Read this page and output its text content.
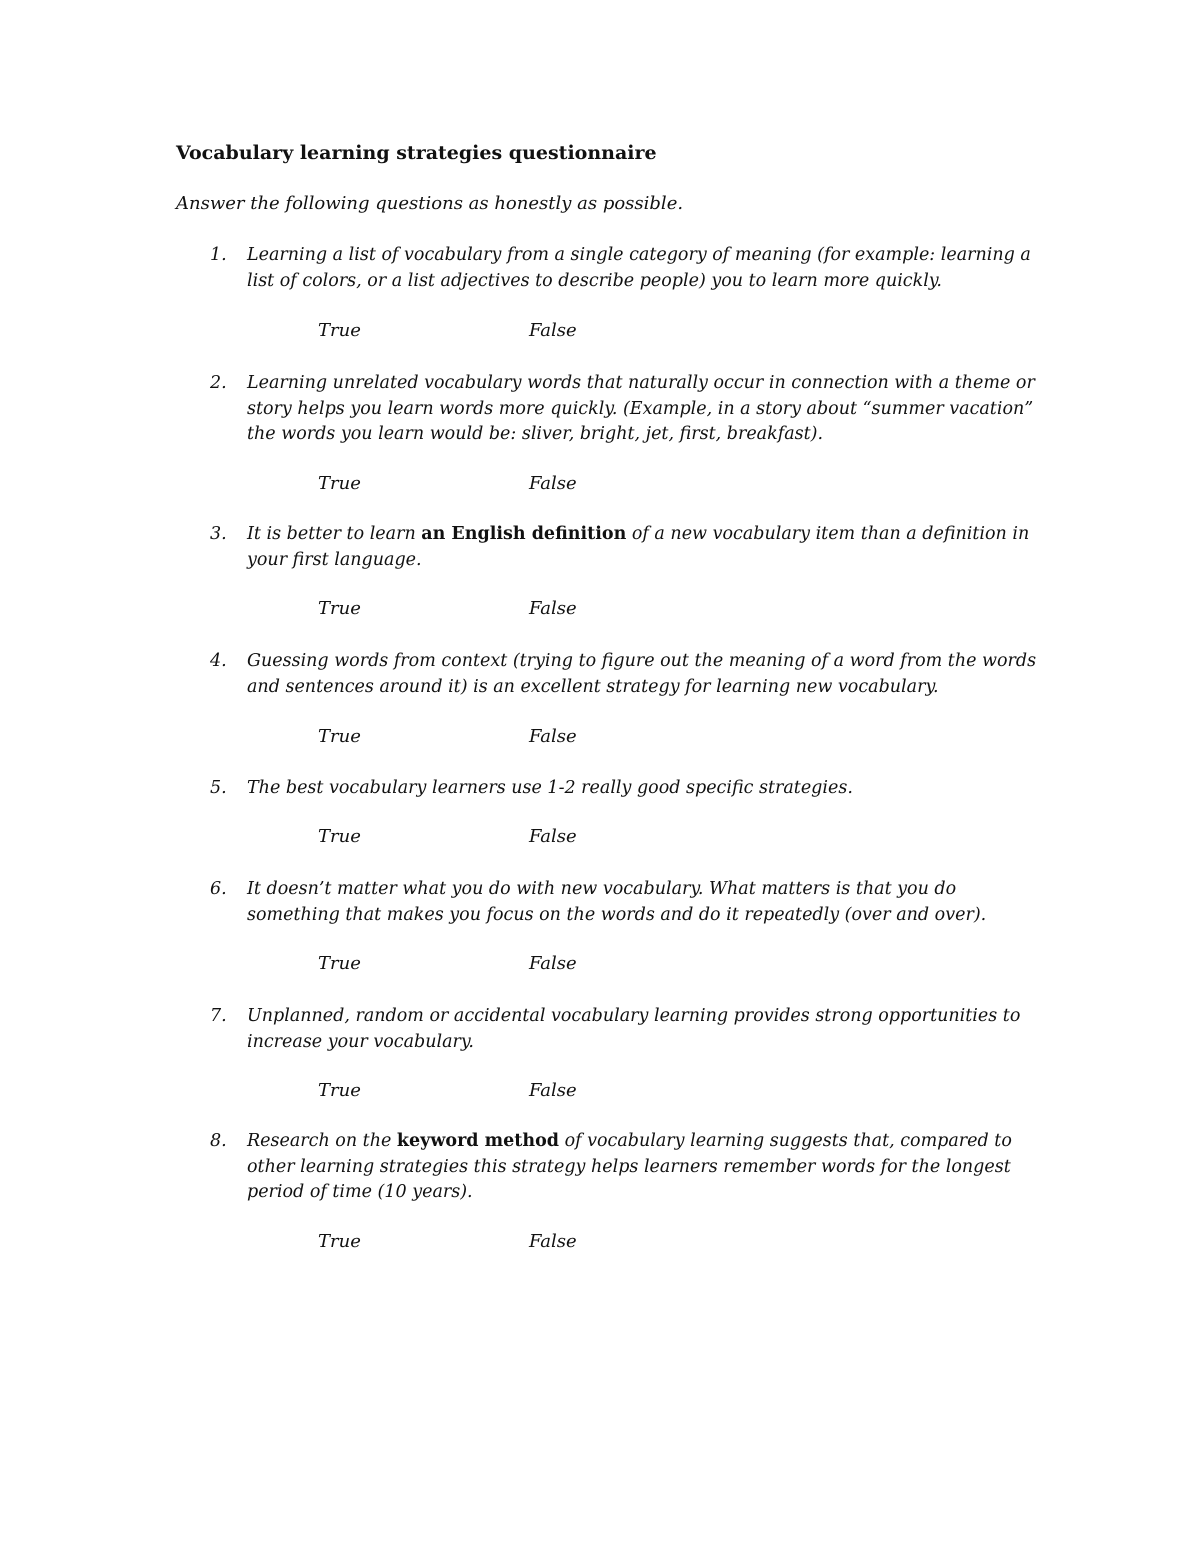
Vocabulary learning strategies questionnaire
Answer the following questions as honestly as possible.
1.	Learning a list of vocabulary from a single category of meaning (for example: learning a list of colors, or a list adjectives to describe people) you to learn more quickly.
True	False
2.	Learning unrelated vocabulary words that naturally occur in connection with a theme or story helps you learn words more quickly. (Example, in a story about “summer vacation” the words you learn would be: sliver, bright, jet, first, breakfast).
True	False
3.	It is better to learn an English definition of a new vocabulary item than a definition in your first language.
True	False
4.	Guessing words from context (trying to figure out the meaning of a word from the words and sentences around it) is an excellent strategy for learning new vocabulary.
True	False
5.	The best vocabulary learners use 1-2 really good specific strategies.
True	False
6.	It doesn’t matter what you do with new vocabulary. What matters is that you do something that makes you focus on the words and do it repeatedly (over and over).
True	False
7.	Unplanned, random or accidental vocabulary learning provides strong opportunities to increase your vocabulary.
True	False
8.	Research on the keyword method of vocabulary learning suggests that, compared to other learning strategies this strategy helps learners remember words for the longest period of time (10 years).
True	False
